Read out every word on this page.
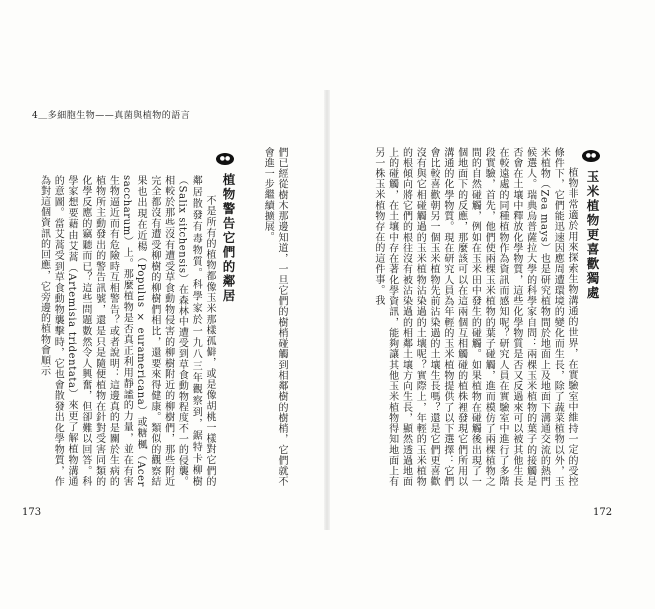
4＿多細胞生物——真菌與植物的語言
●●
玉米植物更喜歡獨處

植物非常適於用來探索生物溝通的世界，在實驗室中維持一定的受控條件下，它們能迅速因應周遭環境的變化而生長，除了蔬菜植物以外，玉米植物（Zea mays）也是研究植物間於地面上及地面下溝通交流的熱門候選人。瑞典烏普薩拉大學的科學家自問：兩棵玉米植物的葉子的接觸是否會在土壤中釋放化學物質，這些化學物質是否又反過來可以被其他生長在較遠處的同種植物作為資訊而感知呢？研究人員在實驗室中進行了多階段實驗，首先，他們使兩棵玉米植物的葉子碰觸，進而模仿了兩棵植物之間的自然碰觸，例如在玉米田中發生的碰觸。如果植物在碰觸後出現了一個地面下的反應，那麼該可以在這兩個互相觸碰的植株裡發現它們所用以溝通的化學物質。現在研究人員為年輕的玉米植物提供了以下選擇：它們會比較喜歡朝另一個玉米植物先前沾染過的土壤生長嗎？還是它們更喜歡沒有與它相碰觸過的玉米植物沾染過的土壤呢？實際上，年輕的玉米植物的根傾向將它們的根往沒有被沾染過的相鄰土壤方向生長，顯然透過地面上的碰觸，在土壤中存在著化學資訊，能夠讓其他玉米植物得知地面上有另一株玉米植物存在的這件事。我

們已經從樹木那邊知道，一旦它們的樹梢碰觸到相鄰樹的樹梢，它們就不會進一步繼續擴展。

●●
植物警告它們的鄰居

不是所有的植物都像玉米那樣孤僻，或是像胡桃一樣對它們的鄰居散發有毒物質。科學家於一九八三年觀察到，鋸特卡柳樹（Salix sitchensis）在森林中遭受到草食動物程度不一的侵襲。相較於那些沒有遭受草食動物侵害的柳樹附近的柳樹們，那些附近完全都沒有遭受柳樹的柳樹們相比，還要來得健康。類似的觀察結果也出現在近楊（Populus × euramericana）或糖楓（Acer saccharum）上。那麼植物是否真正利用靜謐的力量，並在有害生物逼近而有危險時互相警告？或者說明：這邊真的是關於生病的植物所主動發出的警告訊號，還是只是隨便植物在針對受害同類的化學反應的竊聽而已？這些問題數然令人興奮，但卻難以回答。科學家想要藉由艾蒿（Artemisia tridentata）來更了解植物溝通的意圖。當艾蒿受到草食動物襲擊時，它也會散發出化學物質，作為對這個資訊的回應，它旁邊的植物會順示

173	172
